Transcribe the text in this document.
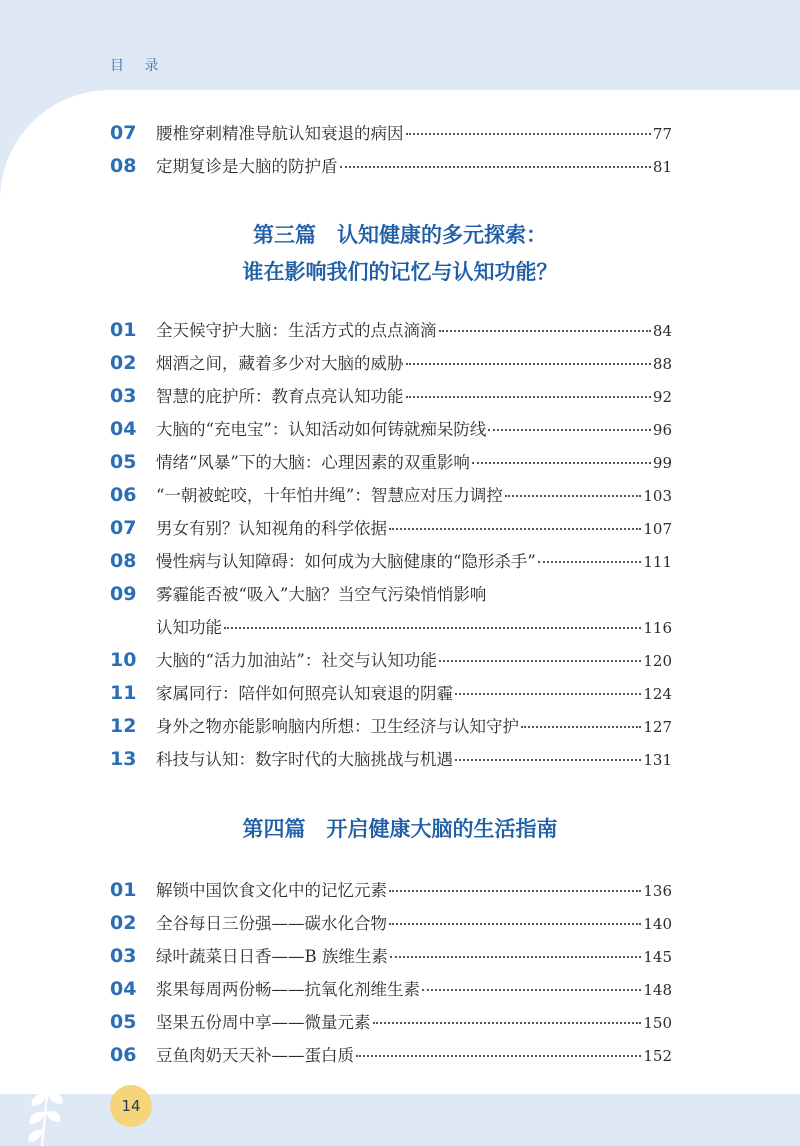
目 录
07	腰椎穿刺精准导航认知衰退的病因	77
08	定期复诊是大脑的防护盾	81
第三篇　认知健康的多元探索：
谁在影响我们的记忆与认知功能？
01	全天候守护大脑：生活方式的点点滴滴	84
02	烟酒之间，藏着多少对大脑的威胁	88
03	智慧的庇护所：教育点亮认知功能	92
04	大脑的“充电宝”：认知活动如何铸就痴呆防线	96
05	情绪“风暴”下的大脑：心理因素的双重影响	99
06	“一朝被蛇咬，十年怕井绳”：智慧应对压力调控	103
07	男女有别？认知视角的科学依据	107
08	慢性病与认知障碍：如何成为大脑健康的“隐形杀手”	111
09	雾霾能否被“吸入”大脑？当空气污染悄悄影响
认知功能	116
10	大脑的“活力加油站”：社交与认知功能	120
11	家属同行：陪伴如何照亮认知衰退的阴霾	124
12	身外之物亦能影响脑内所想：卫生经济与认知守护	127
13	科技与认知：数字时代的大脑挑战与机遇	131
第四篇　开启健康大脑的生活指南
01	解锁中国饮食文化中的记忆元素	136
02	全谷每日三份强——碳水化合物	140
03	绿叶蔬菜日日香——B 族维生素	145
04	浆果每周两份畅——抗氧化剂维生素	148
05	坚果五份周中享——微量元素	150
06	豆鱼肉奶天天补——蛋白质	152
14
